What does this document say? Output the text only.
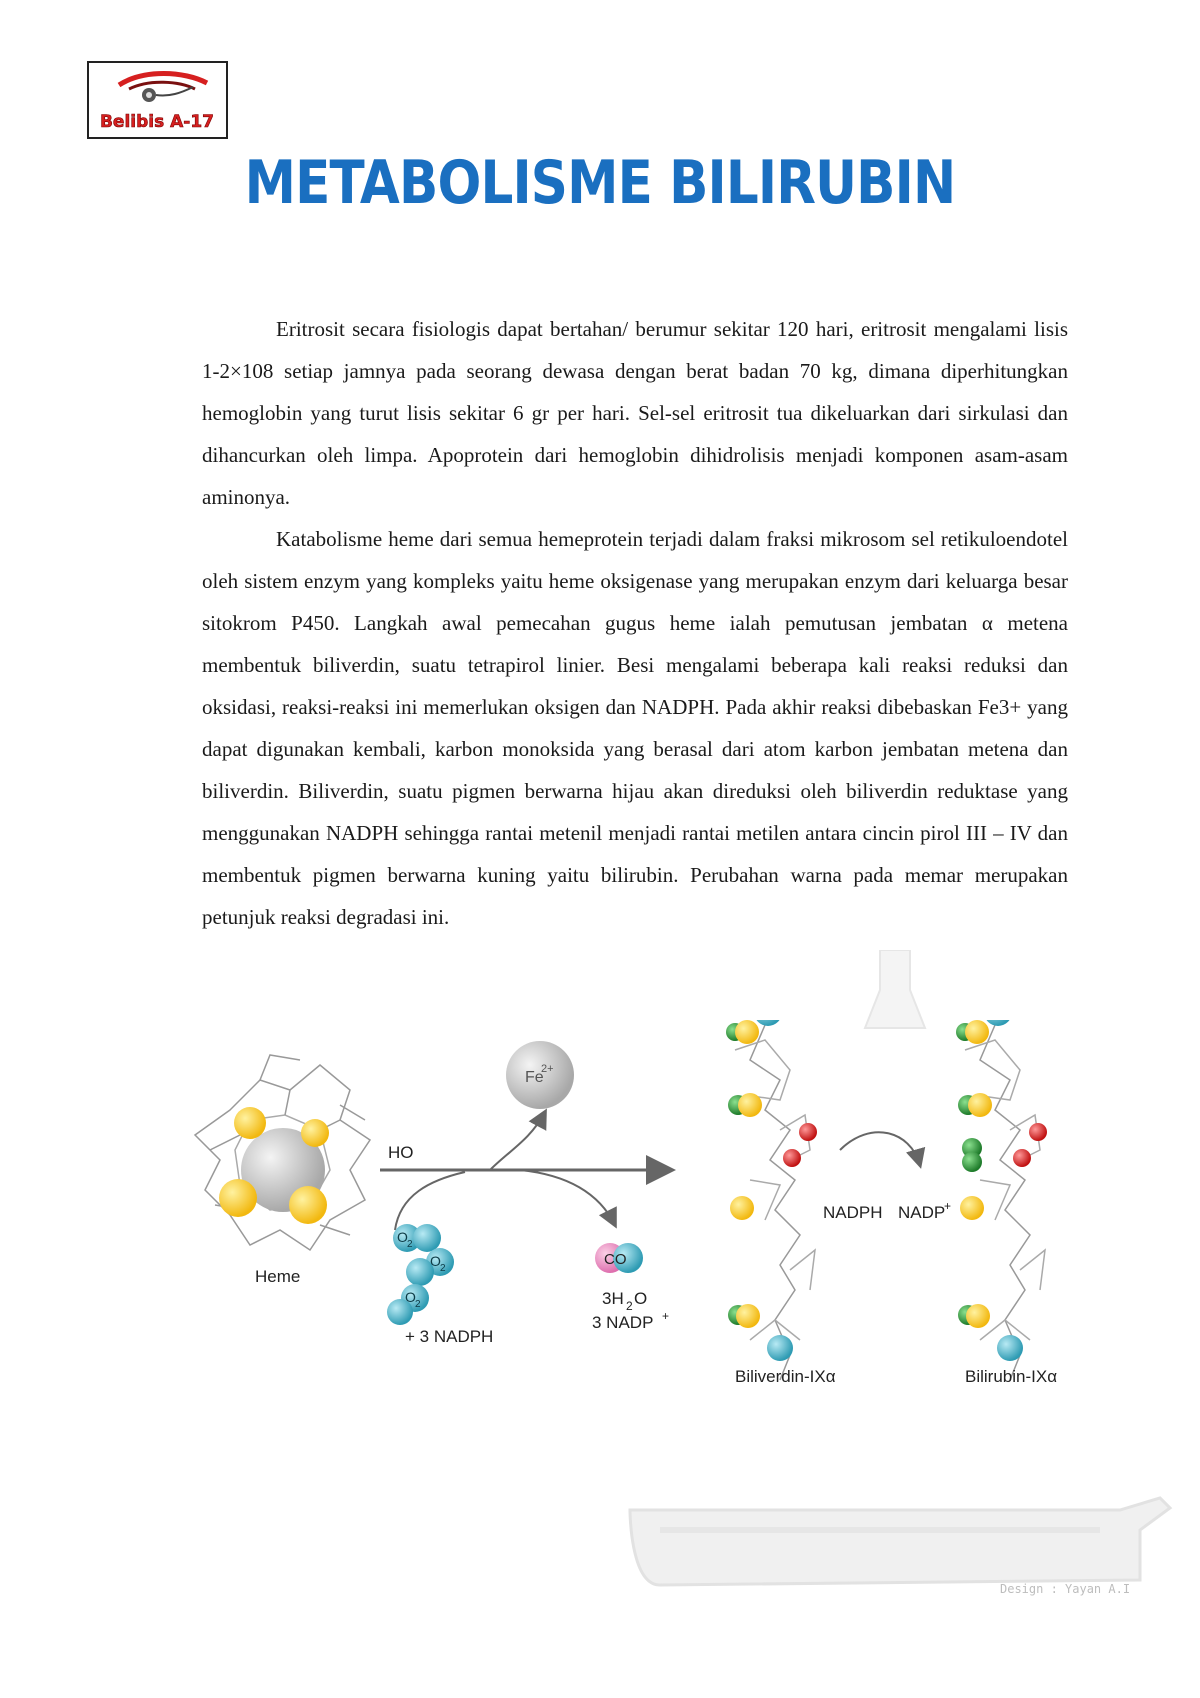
Belibis A-17
METABOLISME BILIRUBIN

Eritrosit secara fisiologis dapat bertahan/ berumur sekitar 120 hari, eritrosit mengalami lisis 1-2×108 setiap jamnya pada seorang dewasa dengan berat badan 70 kg, dimana diperhitungkan hemoglobin yang turut lisis sekitar 6 gr per hari. Sel-sel eritrosit tua dikeluarkan dari sirkulasi dan dihancurkan oleh limpa. Apoprotein dari hemoglobin dihidrolisis menjadi komponen asam-asam aminonya.

Katabolisme heme dari semua hemeprotein terjadi dalam fraksi mikrosom sel retikuloendotel oleh sistem enzym yang kompleks yaitu heme oksigenase yang merupakan enzym dari keluarga besar sitokrom P450. Langkah awal pemecahan gugus heme ialah pemutusan jembatan α metena membentuk biliverdin, suatu tetrapirol linier. Besi mengalami beberapa kali reaksi reduksi dan oksidasi, reaksi-reaksi ini memerlukan oksigen dan NADPH. Pada akhir reaksi dibebaskan Fe3+ yang dapat digunakan kembali, karbon monoksida yang berasal dari atom karbon jembatan metena dan biliverdin. Biliverdin, suatu pigmen berwarna hijau akan direduksi oleh biliverdin reduktase yang menggunakan NADPH sehingga rantai metenil menjadi rantai metilen antara cincin pirol III – IV dan membentuk pigmen berwarna kuning yaitu bilirubin. Perubahan warna pada memar merupakan petunjuk reaksi degradasi ini.

Design : Yayan A.I
Heme
HO
Fe
2+
O 2
O 2
O 2
+ 3 NADPH
CO
3H 2 O
3 NADP +
Biliverdin-IXα
NADPH NADP
+
Bilirubin-IXα
